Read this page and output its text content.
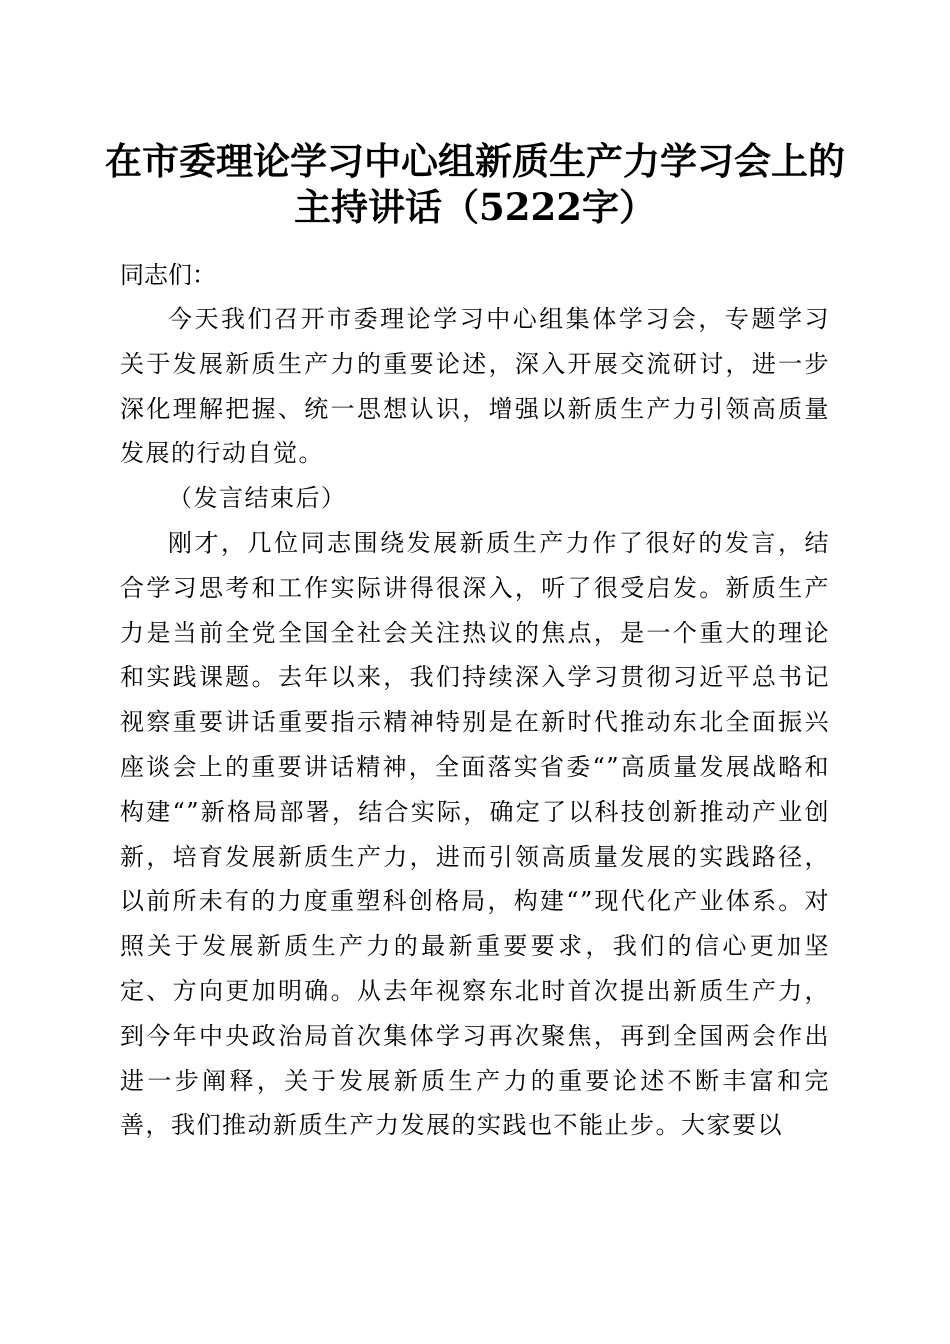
在市委理论学习中心组新质生产力学习会上的
主持讲话（5222字）
同志们：

今天我们召开市委理论学习中心组集体学习会，专题学习关于发展新质生产力的重要论述，深入开展交流研讨，进一步深化理解把握、统一思想认识，增强以新质生产力引领高质量发展的行动自觉。

（发言结束后）

刚才，几位同志围绕发展新质生产力作了很好的发言，结合学习思考和工作实际讲得很深入，听了很受启发。新质生产力是当前全党全国全社会关注热议的焦点，是一个重大的理论和实践课题。去年以来，我们持续深入学习贯彻习近平总书记视察重要讲话重要指示精神特别是在新时代推动东北全面振兴座谈会上的重要讲话精神，全面落实省委“”高质量发展战略和构建“”新格局部署，结合实际，确定了以科技创新推动产业创新，培育发展新质生产力，进而引领高质量发展的实践路径，以前所未有的力度重塑科创格局，构建“”现代化产业体系。对照关于发展新质生产力的最新重要要求，我们的信心更加坚定、方向更加明确。从去年视察东北时首次提出新质生产力，到今年中央政治局首次集体学习再次聚焦，再到全国两会作出进一步阐释，关于发展新质生产力的重要论述不断丰富和完善，我们推动新质生产力发展的实践也不能止步。大家要以
